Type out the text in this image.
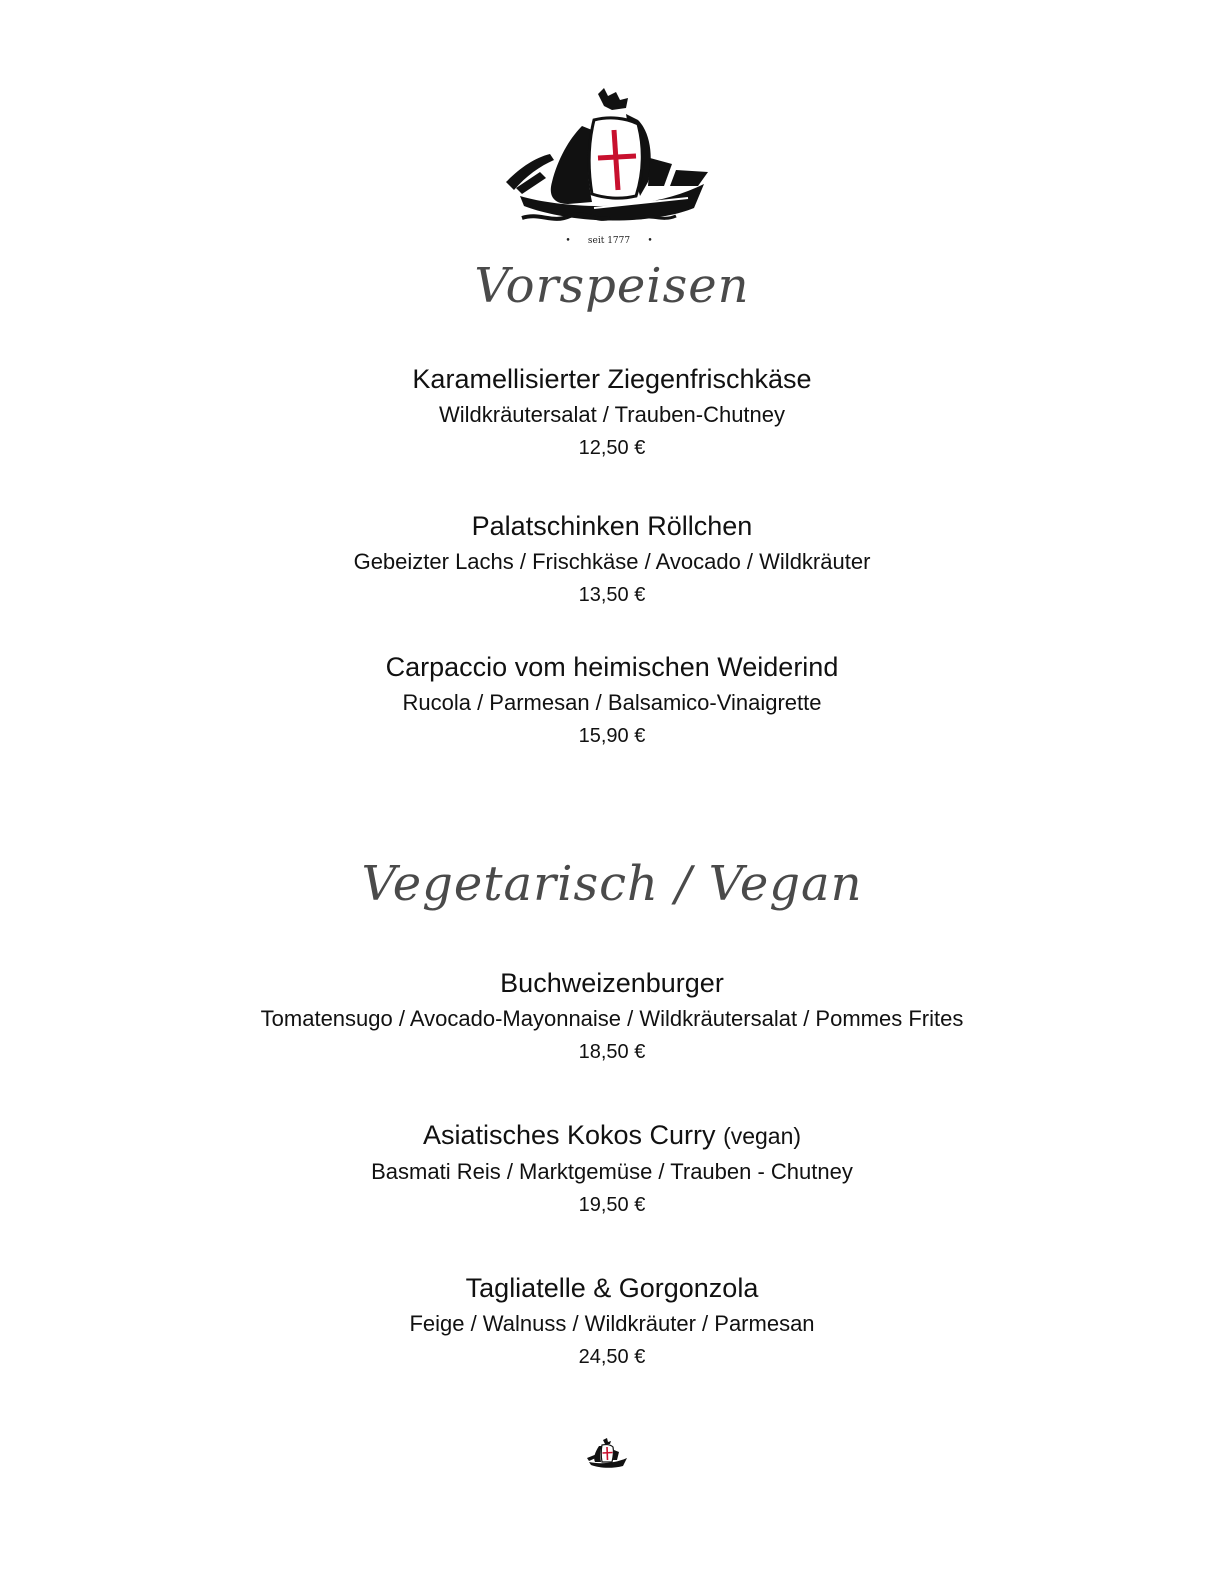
seit 1777
•	•
Vorspeisen
Karamellisierter Ziegenfrischkäse
Wildkräutersalat / Trauben-Chutney
12,50 €
Palatschinken Röllchen
Gebeizter Lachs / Frischkäse / Avocado / Wildkräuter
13,50 €
Carpaccio vom heimischen Weiderind
Rucola / Parmesan / Balsamico-Vinaigrette
15,90 €
Vegetarisch / Vegan
Buchweizenburger
Tomatensugo / Avocado-Mayonnaise / Wildkräutersalat / Pommes Frites
18,50 €
Asiatisches Kokos Curry (vegan)
Basmati Reis / Marktgemüse / Trauben - Chutney
19,50 €
Tagliatelle & Gorgonzola
Feige / Walnuss / Wildkräuter / Parmesan
24,50 €
